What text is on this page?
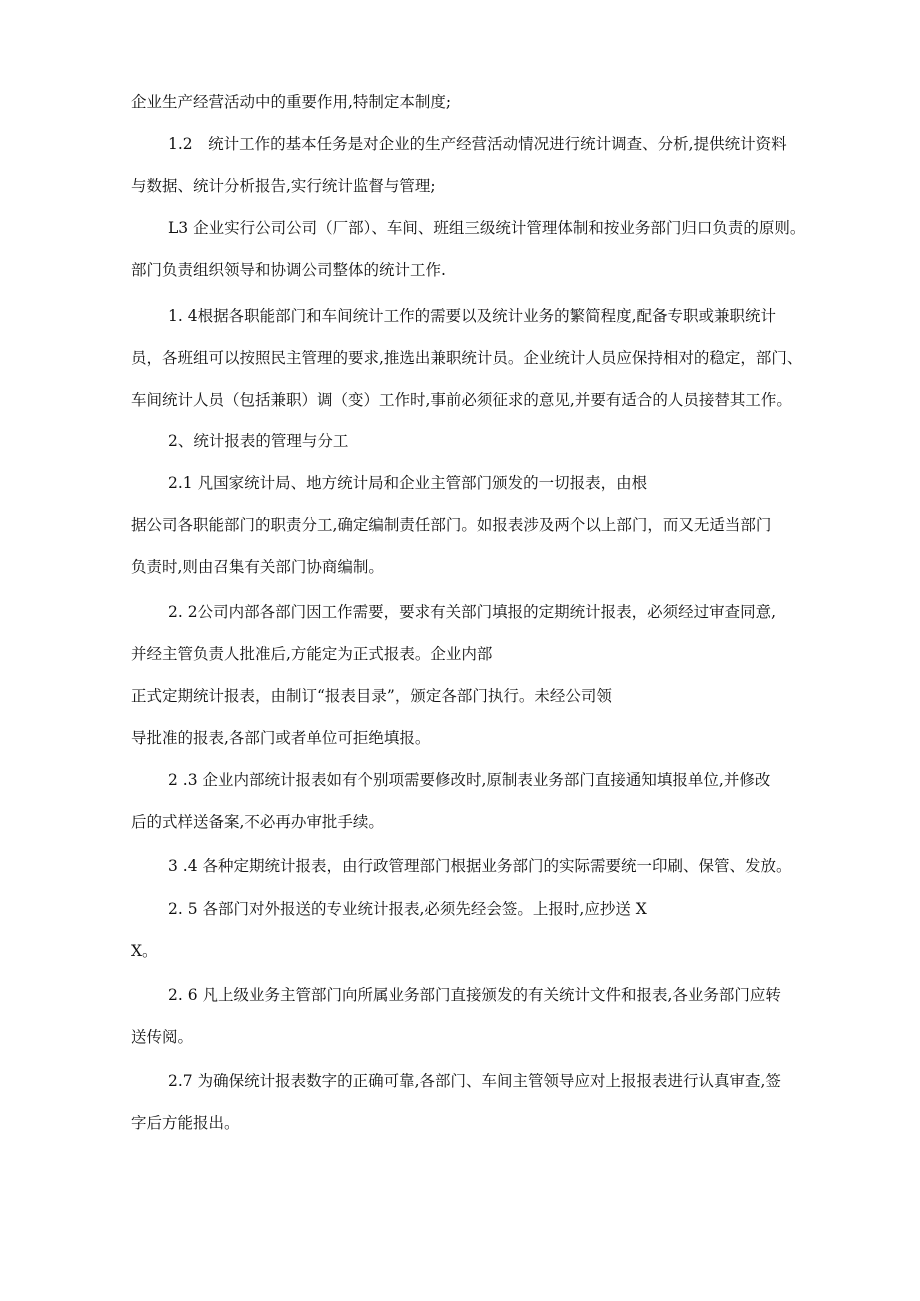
企业生产经营活动中的重要作用,特制定本制度;

1.2　统计工作的基本任务是对企业的生产经营活动情况进行统计调查、分析,提供统计资料

与数据、统计分析报告,实行统计监督与管理;

L3 企业实行公司公司（厂部）、车间、班组三级统计管理体制和按业务部门归口负责的原则。

部门负责组织领导和协调公司整体的统计工作.

1. 4根据各职能部门和车间统计工作的需要以及统计业务的繁简程度,配备专职或兼职统计

员，各班组可以按照民主管理的要求,推选出兼职统计员。企业统计人员应保持相对的稳定，部门、

车间统计人员（包括兼职）调（变）工作时,事前必须征求的意见,并要有适合的人员接替其工作。

2、统计报表的管理与分工

2.1 凡国家统计局、地方统计局和企业主管部门颁发的一切报表，由根

据公司各职能部门的职责分工,确定编制责任部门。如报表涉及两个以上部门，而又无适当部门

负责时,则由召集有关部门协商编制。

2. 2公司内部各部门因工作需要，要求有关部门填报的定期统计报表，必须经过审查同意,

并经主管负责人批准后,方能定为正式报表。企业内部

正式定期统计报表，由制订“报表目录”，颁定各部门执行。未经公司领

导批准的报表,各部门或者单位可拒绝填报。

2 .3 企业内部统计报表如有个别项需要修改时,原制表业务部门直接通知填报单位,并修改

后的式样送备案,不必再办审批手续。

3 .4 各种定期统计报表，由行政管理部门根据业务部门的实际需要统一印刷、保管、发放。

2. 5 各部门对外报送的专业统计报表,必须先经会签。上报时,应抄送 X

X。

2. 6 凡上级业务主管部门向所属业务部门直接颁发的有关统计文件和报表,各业务部门应转

送传阅。

2.7 为确保统计报表数字的正确可靠,各部门、车间主管领导应对上报报表进行认真审查,签

字后方能报出。
